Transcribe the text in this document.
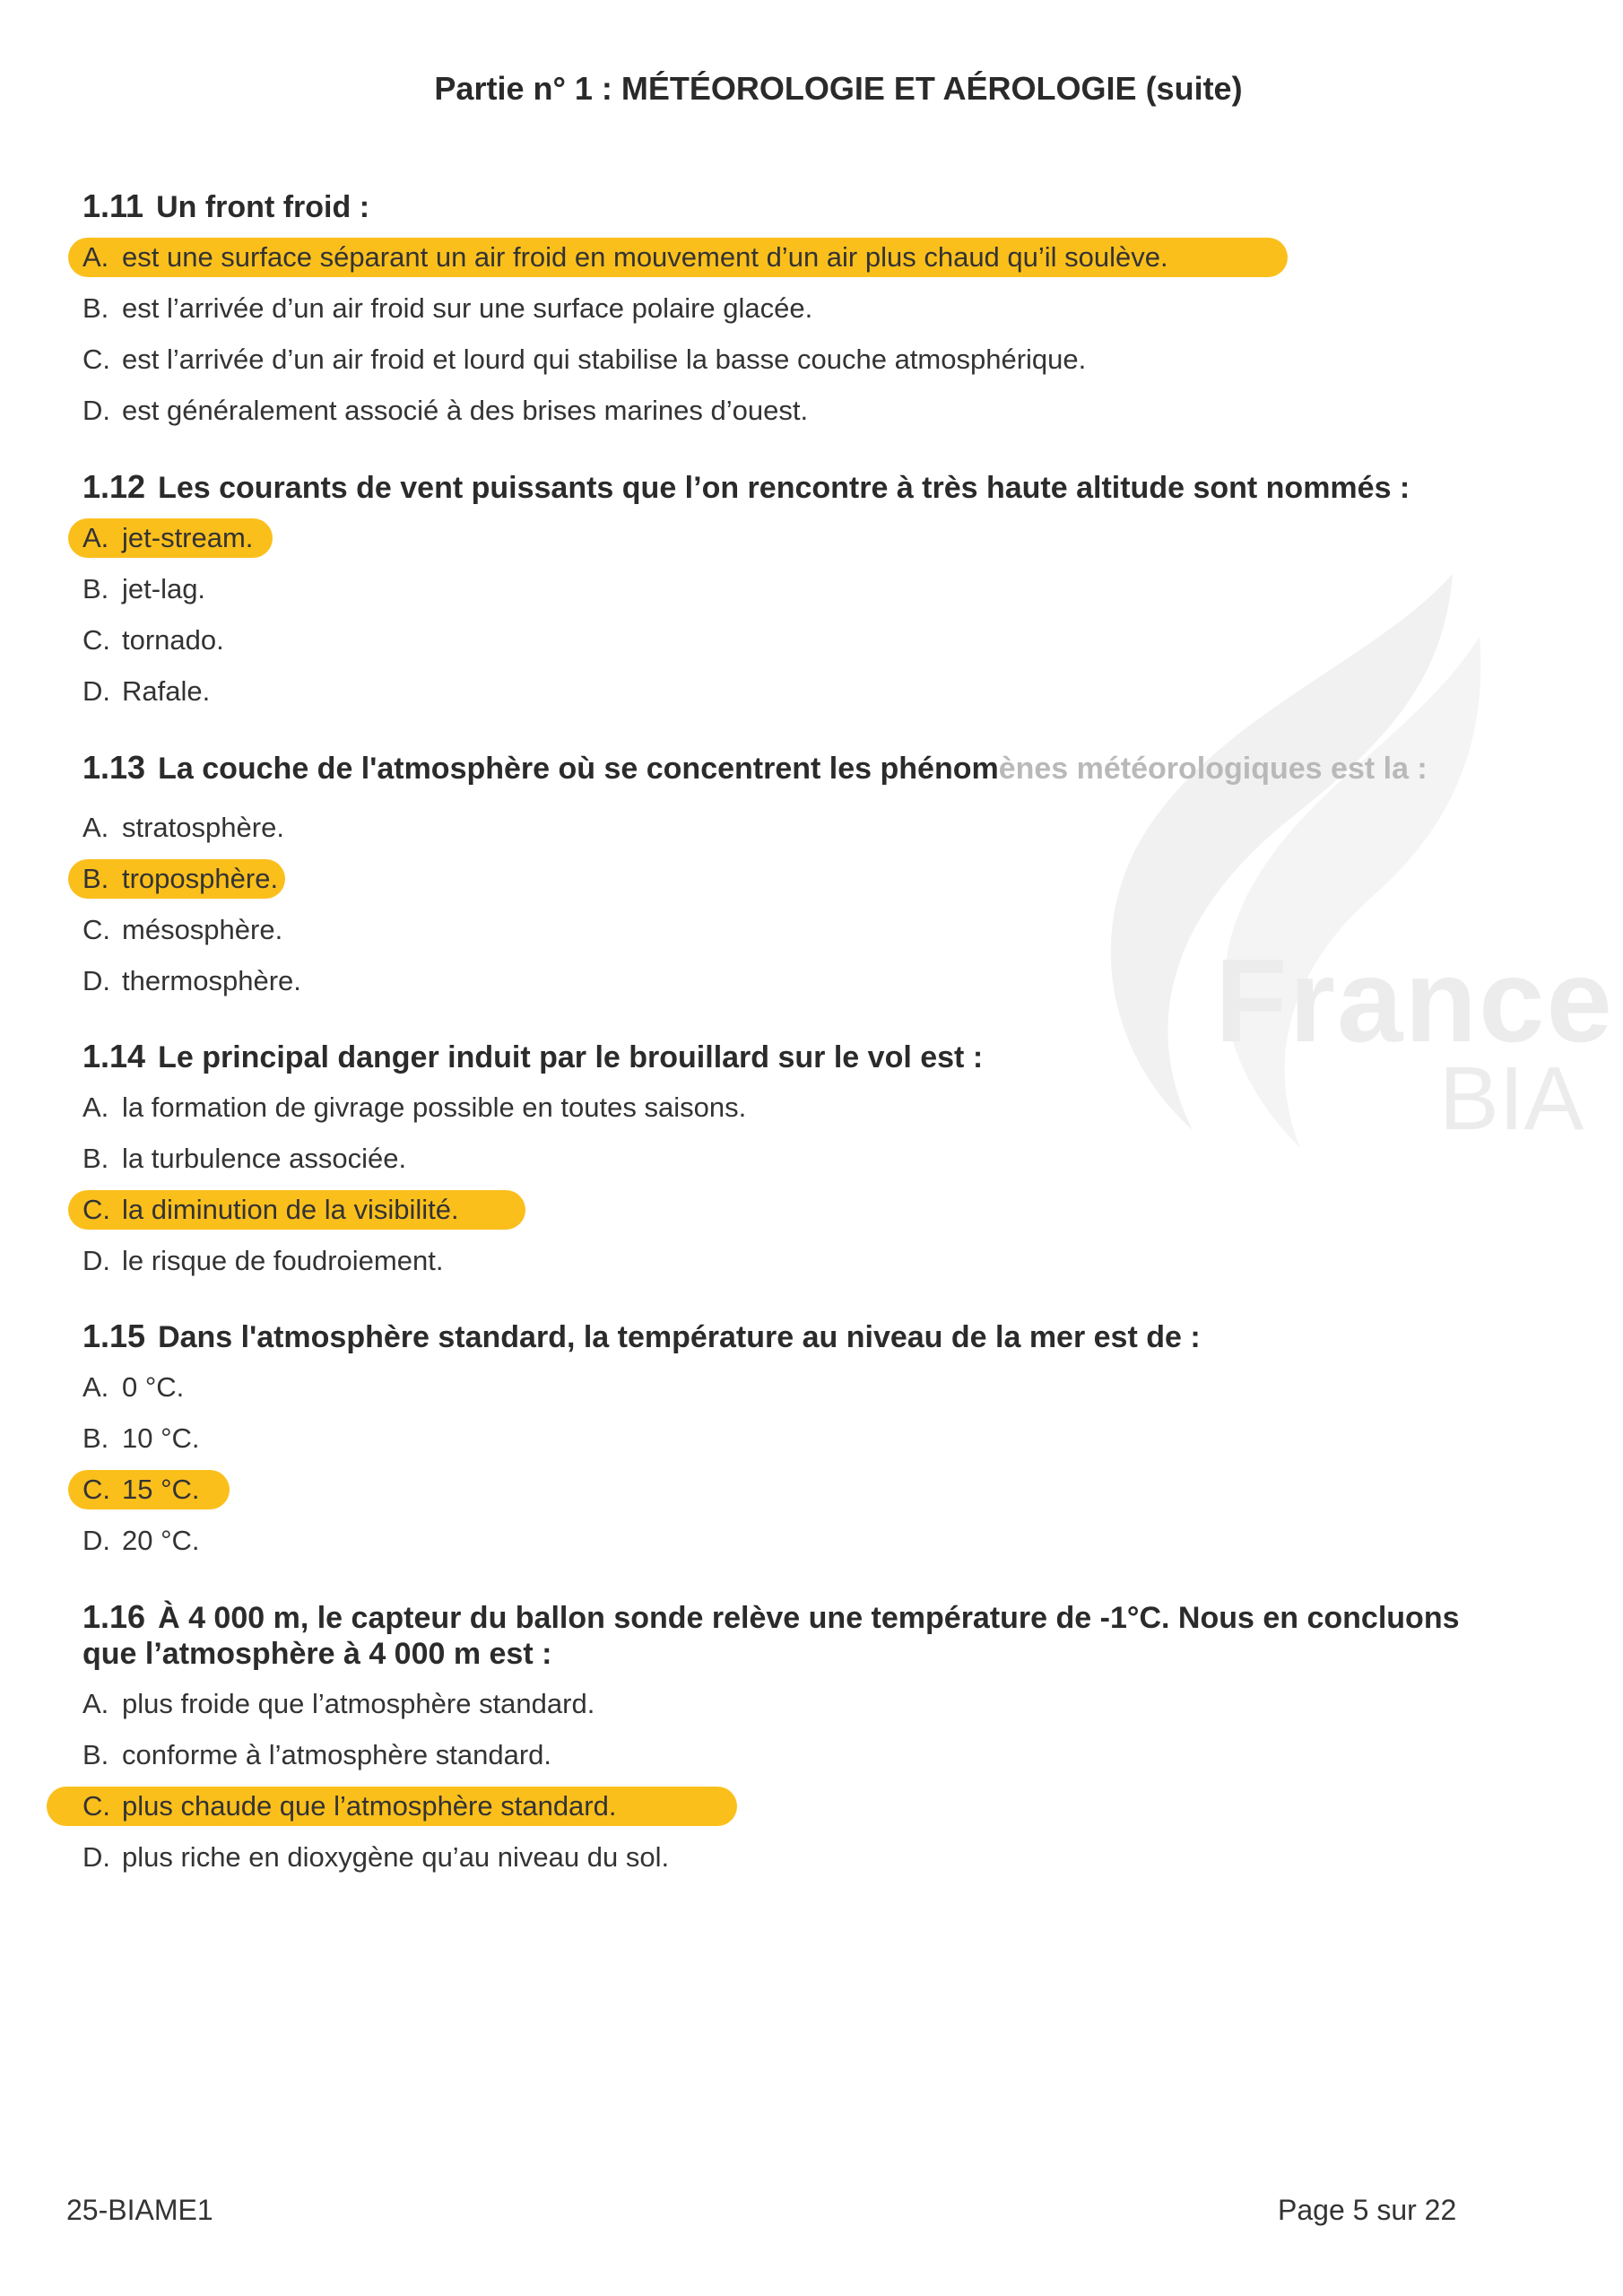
France
BIA
Partie n° 1 : MÉTÉOROLOGIE ET AÉROLOGIE (suite)
1.11 Un front froid :
A. est une surface séparant un air froid en mouvement d’un air plus chaud qu’il soulève.
B. est l’arrivée d’un air froid sur une surface polaire glacée.
C. est l’arrivée d’un air froid et lourd qui stabilise la basse couche atmosphérique.
D. est généralement associé à des brises marines d’ouest.
1.12 Les courants de vent puissants que l’on rencontre à très haute altitude sont nommés :
A. jet-stream.
B. jet-lag.
C. tornado.
D. Rafale.
1.13 La couche de l'atmosphère où se concentrent les phénomènes météorologiques est la :
A. stratosphère.
B. troposphère.
C. mésosphère.
D. thermosphère.
1.14 Le principal danger induit par le brouillard sur le vol est :
A. la formation de givrage possible en toutes saisons.
B. la turbulence associée.
C. la diminution de la visibilité.
D. le risque de foudroiement.
1.15 Dans l'atmosphère standard, la température au niveau de la mer est de :
A. 0 °C.
B. 10 °C.
C. 15 °C.
D. 20 °C.
1.16 À 4 000 m, le capteur du ballon sonde relève une température de -1°C. Nous en concluons
que l’atmosphère à 4 000 m est :
A. plus froide que l’atmosphère standard.
B. conforme à l’atmosphère standard.
C. plus chaude que l’atmosphère standard.
D. plus riche en dioxygène qu’au niveau du sol.
25-BIAME1	Page 5 sur 22
